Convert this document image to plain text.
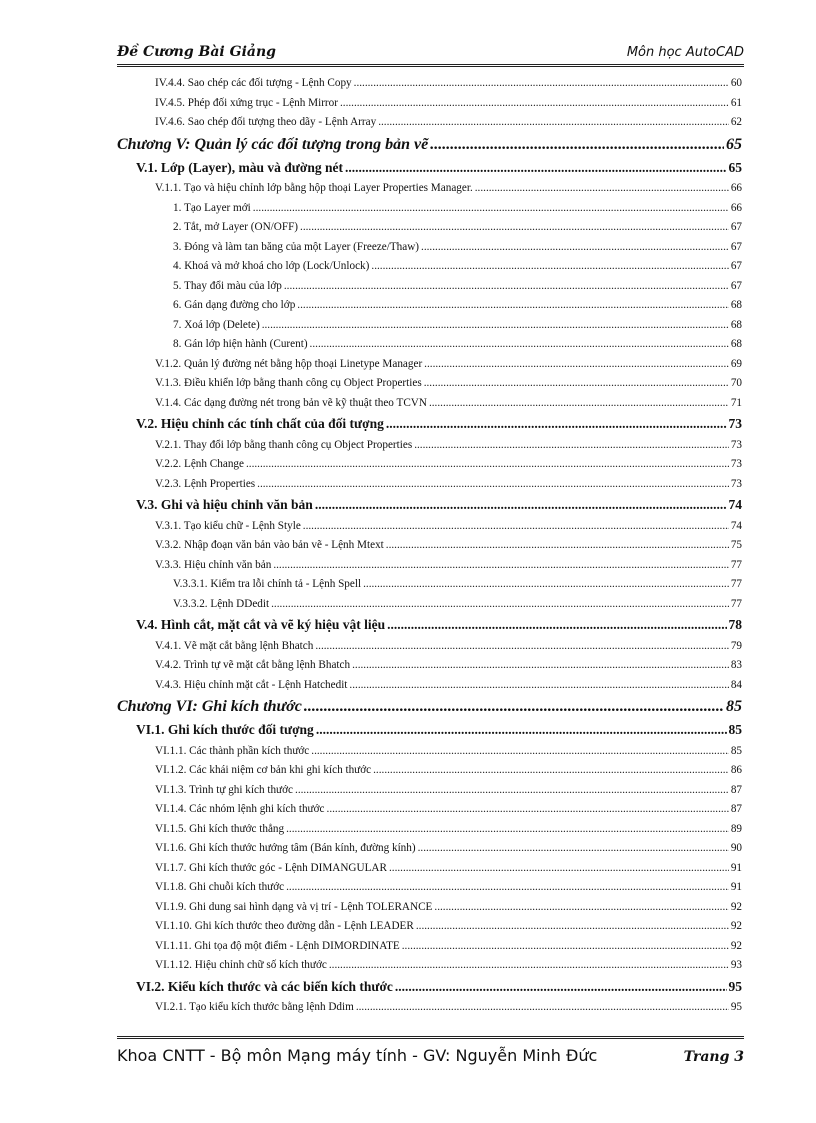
Đề Cương Bài Giảng	Môn học AutoCAD
IV.4.4. Sao chép các đối tượng - Lệnh Copy .....	60
IV.4.5. Phép đối xứng trục - Lệnh Mirror .....	61
IV.4.6. Sao chép đối tượng theo dãy - Lệnh Array .....	62
Chương V: Quản lý các đối tượng trong bản vẽ .....	65
V.1. Lớp (Layer), màu và đường nét .....	65
V.1.1. Tạo và hiệu chỉnh lớp bằng hộp thoại Layer Properties Manager. .....	66
1. Tạo Layer mới .....	66
2. Tắt, mở Layer (ON/OFF) .....	67
3. Đóng và làm tan băng của một Layer (Freeze/Thaw) .....	67
4. Khoá và mở khoá cho lớp (Lock/Unlock) .....	67
5. Thay đổi màu của lớp .....	67
6. Gán dạng đường cho lớp .....	68
7. Xoá lớp (Delete) .....	68
8. Gán lớp hiện hành (Curent) .....	68
V.1.2. Quản lý đường nét bằng hộp thoại Linetype Manager .....	69
V.1.3. Điều khiển lớp bằng thanh công cụ Object Properties .....	70
V.1.4. Các dạng đường nét trong bản vẽ kỹ thuật theo TCVN .....	71
V.2. Hiệu chỉnh các tính chất của đối tượng .....	73
V.2.1. Thay đổi lớp bằng thanh công cụ Object Properties .....	73
V.2.2. Lệnh Change .....	73
V.2.3. Lệnh Properties .....	73
V.3. Ghi và hiệu chỉnh văn bản .....	74
V.3.1. Tạo kiểu chữ - Lệnh Style .....	74
V.3.2. Nhập đoạn văn bản vào bản vẽ - Lệnh Mtext .....	75
V.3.3. Hiệu chỉnh văn bản .....	77
V.3.3.1. Kiểm tra lỗi chính tả - Lệnh Spell .....	77
V.3.3.2. Lệnh DDedit .....	77
V.4. Hình cắt, mặt cắt và vẽ ký hiệu vật liệu .....	78
V.4.1. Vẽ mặt cắt bằng lệnh Bhatch .....	79
V.4.2. Trình tự vẽ mặt cắt bằng lệnh Bhatch .....	83
V.4.3. Hiệu chỉnh mặt cắt - Lệnh Hatchedit .....	84
Chương VI: Ghi kích thước .....	85
VI.1. Ghi kích thước đối tượng .....	85
VI.1.1. Các thành phần kích thước .....	85
VI.1.2. Các khái niệm cơ bản khi ghi kích thước .....	86
VI.1.3. Trình tự ghi kích thước .....	87
VI.1.4. Các nhóm lệnh ghi kích thước .....	87
VI.1.5. Ghi kích thước thẳng .....	89
VI.1.6. Ghi kích thước hướng tâm (Bán kính, đường kính) .....	90
VI.1.7. Ghi kích thước góc - Lệnh DIMANGULAR .....	91
VI.1.8. Ghi chuỗi kích thước .....	91
VI.1.9. Ghi dung sai hình dạng và vị trí - Lệnh TOLERANCE .....	92
VI.1.10. Ghi kích thước theo đường dẫn - Lệnh LEADER .....	92
VI.1.11. Ghi tọa độ một điểm - Lệnh DIMORDINATE .....	92
VI.1.12. Hiệu chỉnh chữ số kích thước .....	93
VI.2. Kiểu kích thước và các biến kích thước .....	95
VI.2.1. Tạo kiểu kích thước bằng lệnh Ddim .....	95
Khoa CNTT - Bộ môn Mạng máy tính - GV: Nguyễn Minh Đức	Trang 3
